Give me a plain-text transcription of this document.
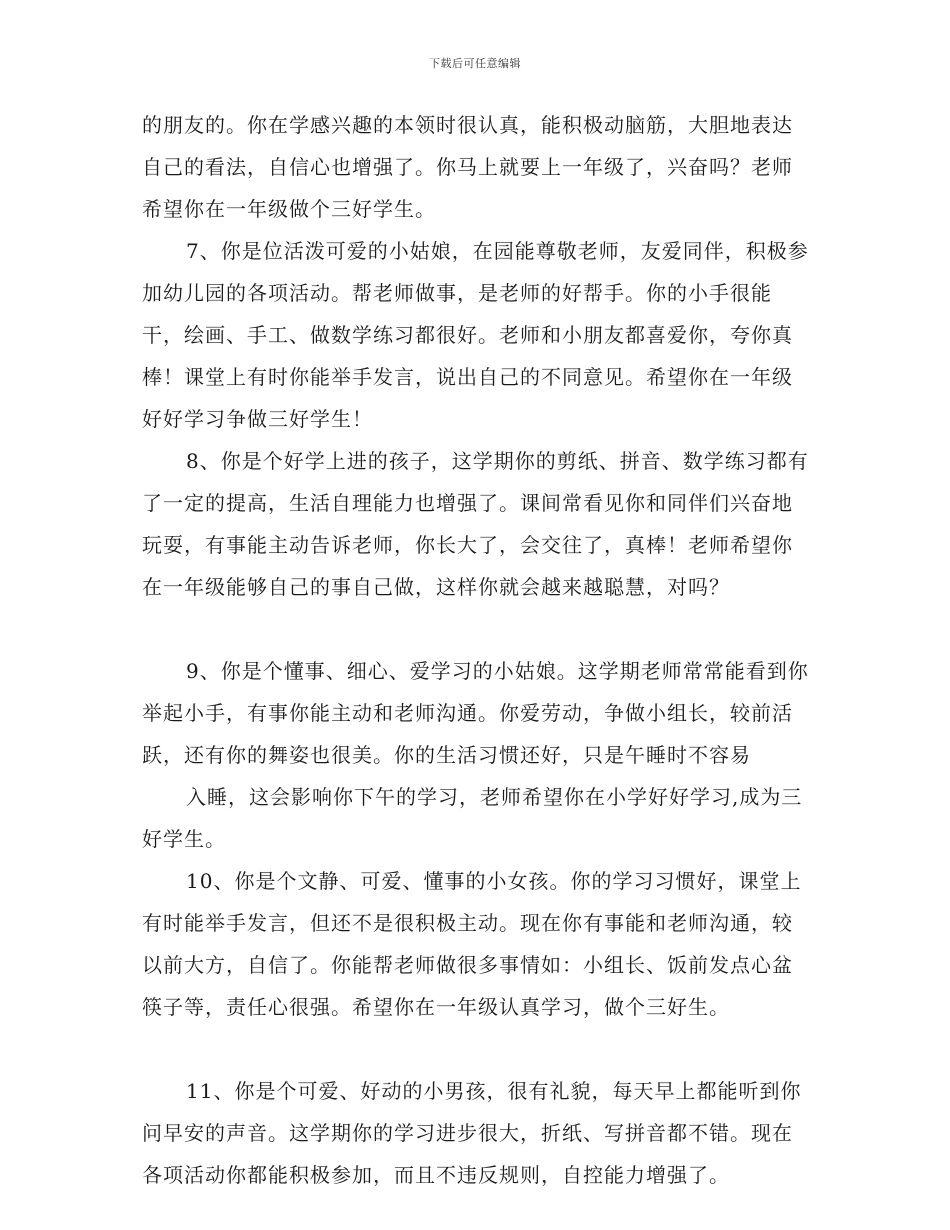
下载后可任意编辑

的朋友的。你在学感兴趣的本领时很认真，能积极动脑筋，大胆地表达自己的看法，自信心也增强了。你马上就要上一年级了，兴奋吗？老师希望你在一年级做个三好学生。

7、你是位活泼可爱的小姑娘，在园能尊敬老师，友爱同伴，积极参加幼儿园的各项活动。帮老师做事，是老师的好帮手。你的小手很能干，绘画、手工、做数学练习都很好。老师和小朋友都喜爱你，夸你真棒！课堂上有时你能举手发言，说出自己的不同意见。希望你在一年级好好学习争做三好学生！

8、你是个好学上进的孩子，这学期你的剪纸、拼音、数学练习都有了一定的提高，生活自理能力也增强了。课间常看见你和同伴们兴奋地玩耍，有事能主动告诉老师，你长大了，会交往了，真棒！老师希望你在一年级能够自己的事自己做，这样你就会越来越聪慧，对吗？

9、你是个懂事、细心、爱学习的小姑娘。这学期老师常常能看到你举起小手，有事你能主动和老师沟通。你爱劳动，争做小组长，较前活跃，还有你的舞姿也很美。你的生活习惯还好，只是午睡时不容易

入睡，这会影响你下午的学习，老师希望你在小学好好学习,成为三好学生。

10、你是个文静、可爱、懂事的小女孩。你的学习习惯好，课堂上有时能举手发言，但还不是很积极主动。现在你有事能和老师沟通，较以前大方，自信了。你能帮老师做很多事情如：小组长、饭前发点心盆筷子等，责任心很强。希望你在一年级认真学习，做个三好生。

11、你是个可爱、好动的小男孩，很有礼貌，每天早上都能听到你问早安的声音。这学期你的学习进步很大，折纸、写拼音都不错。现在各项活动你都能积极参加，而且不违反规则，自控能力增强了。
